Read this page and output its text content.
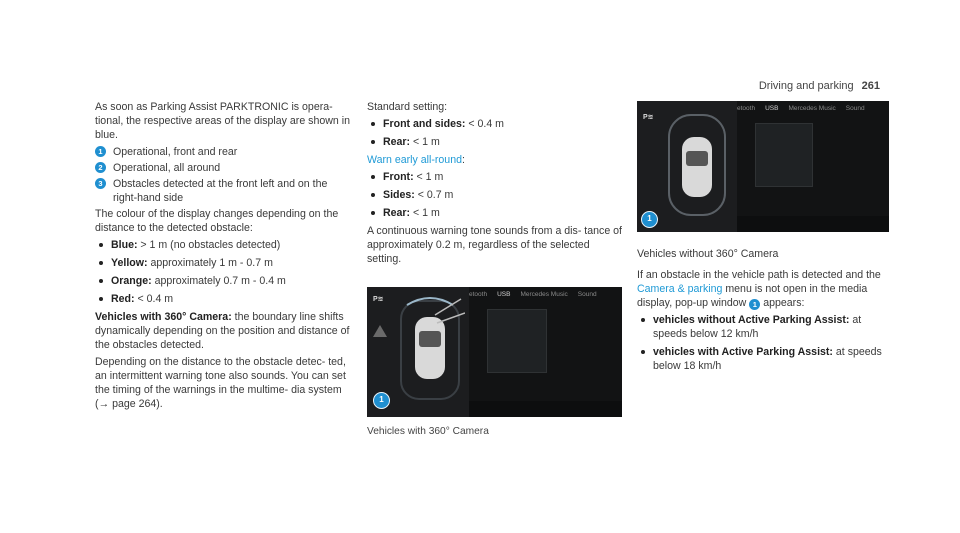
Driving and parking 261

As soon as Parking Assist PARKTRONIC is opera- tional, the respective areas of the display are shown in blue.

1 Operational, front and rear
2 Operational, all around
3 Obstacles detected at the front left and on the right-hand side

The colour of the display changes depending on the distance to the detected obstacle:

Blue: > 1 m (no obstacles detected)
Yellow: approximately 1 m - 0.7 m
Orange: approximately 0.7 m - 0.4 m
Red: < 0.4 m

Vehicles with 360° Camera: the boundary line shifts dynamically depending on the position and distance of the obstacles detected.

Depending on the distance to the obstacle detec- ted, an intermittent warning tone also sounds. You can set the timing of the warnings in the multime- dia system (→ page 264).

Standard setting:

Front and sides: < 0.4 m
Rear: < 1 m

Warn early all-round:

Front: < 1 m
Sides: < 0.7 m
Rear: < 1 m

A continuous warning tone sounds from a dis- tance of approximately 0.2 m, regardless of the selected setting.

P≋
1
etooth USB Mercedes Music Sound
Vehicles with 360° Camera
P≋
1
etooth USB Mercedes Music Sound

Vehicles without 360° Camera

If an obstacle in the vehicle path is detected and the Camera & parking menu is not open in the media display, pop-up window 1 appears:

vehicles without Active Parking Assist: at speeds below 12 km/h
vehicles with Active Parking Assist: at speeds below 18 km/h
